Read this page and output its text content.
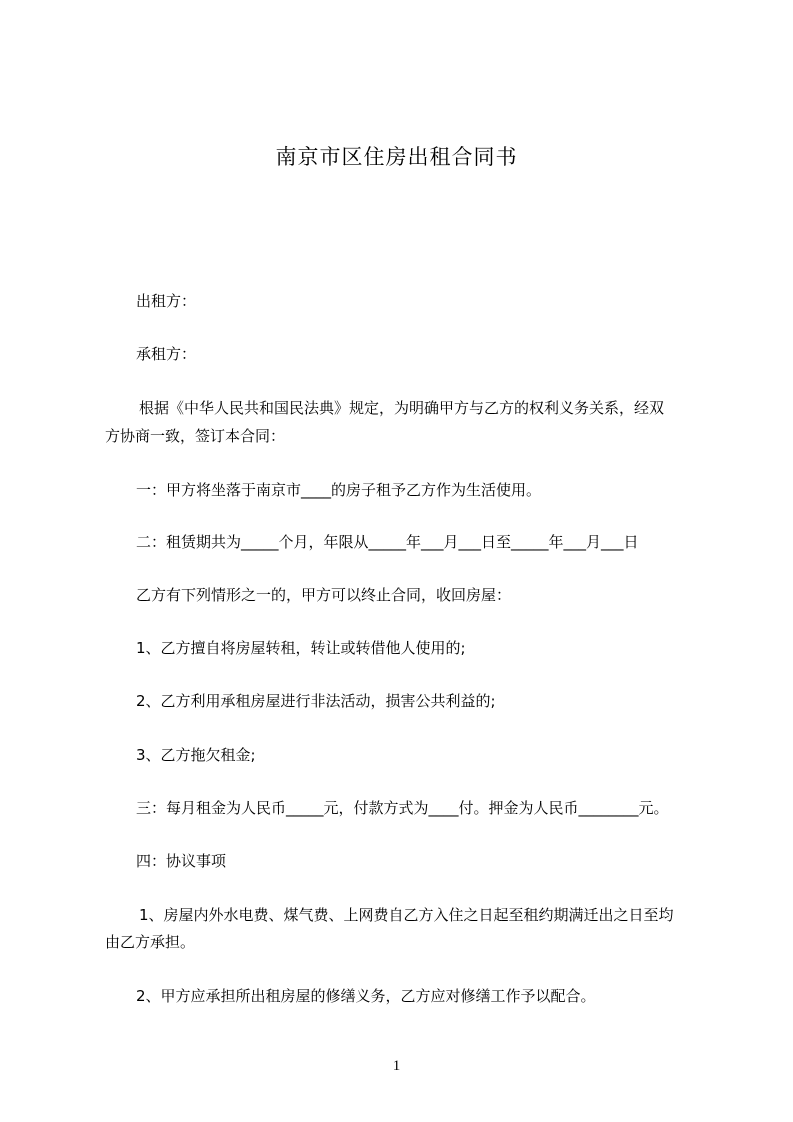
南京市区住房出租合同书
出租方：
承租方：
根据《中华人民共和国民法典》规定，为明确甲方与乙方的权利义务关系，经双
方协商一致，签订本合同：
一：甲方将坐落于南京市____的房子租予乙方作为生活使用。
二：租赁期共为_____个月，年限从_____年___月___日至_____年___月___日
乙方有下列情形之一的，甲方可以终止合同，收回房屋：
1、乙方擅自将房屋转租，转让或转借他人使用的;
2、乙方利用承租房屋进行非法活动，损害公共利益的;
3、乙方拖欠租金;
三：每月租金为人民币_____元，付款方式为____付。押金为人民币________元。
四：协议事项
1、房屋内外水电费、煤气费、上网费自乙方入住之日起至租约期满迁出之日至均
由乙方承担。
2、甲方应承担所出租房屋的修缮义务，乙方应对修缮工作予以配合。
1
